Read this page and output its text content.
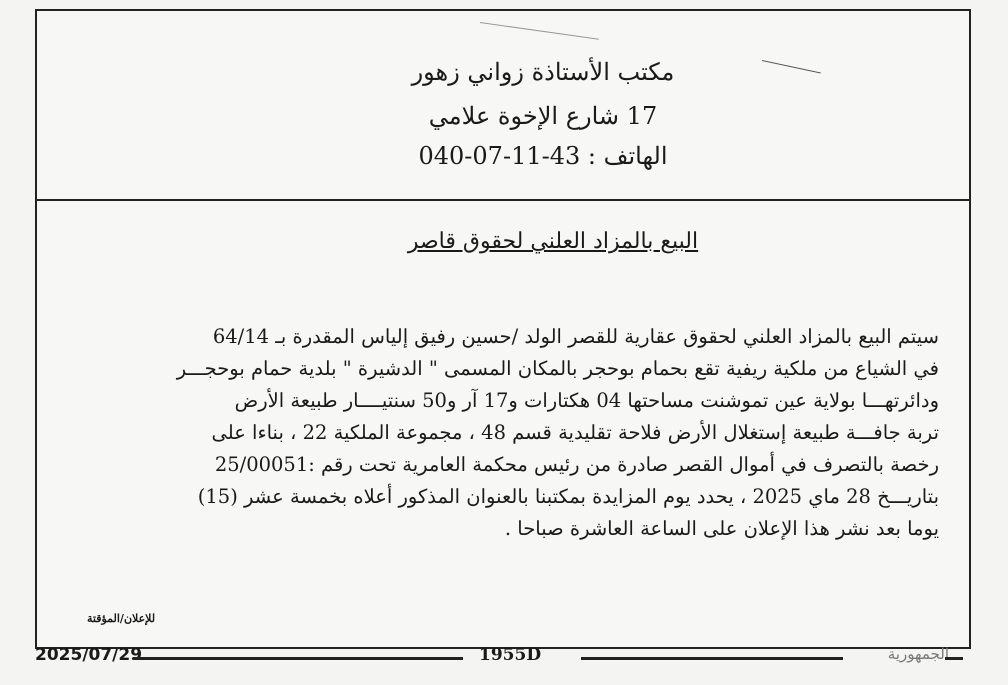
مكتب الأستاذة زواني زهور
17 شارع الإخوة علامي
الهاتف : 43-11-07-040
البيع بالمزاد العلني لحقوق قاصر

سيتم البيع بالمزاد العلني لحقوق عقارية للقصر الولد /حسين رفيق إلياس المقدرة بـ 64/14

في الشياع من ملكية ريفية تقع بحمام بوحجر بالمكان المسمى " الدشيرة " بلدية حمام بوحجـــر

ودائرتهـــا بولاية عين تموشنت مساحتها 04 هكتارات و17 آر و50 سنتيــــار طبيعة الأرض

تربة جافـــة طبيعة إستغلال الأرض فلاحة تقليدية قسم 48 ، مجموعة الملكية 22 ، بناءا على

رخصة بالتصرف في أموال القصر صادرة من رئيس محكمة العامرية تحت رقم :25/00051

بتاريـــخ 28 ماي 2025 ، يحدد يوم المزايدة بمكتبنا بالعنوان المذكور أعلاه بخمسة عشر (15)

يوما بعد نشر هذا الإعلان على الساعة العاشرة صباحا .

للإعلان/المؤقتة
2025/07/29	1955D	الجمهورية
